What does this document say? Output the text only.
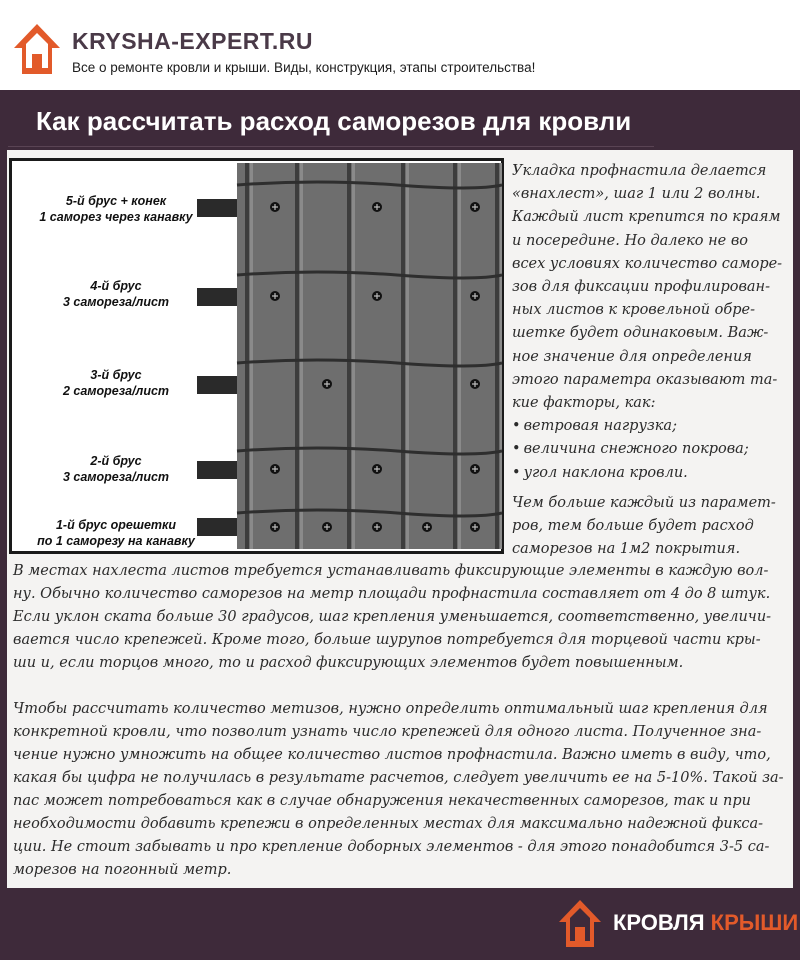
KRYSHA-EXPERT.RU
Все о ремонте кровли и крыши. Виды, конструкция, этапы строительства!
Как рассчитать расход саморезов для кровли
5-й брус + конек
1 саморез через канавку
4-й брус
3 самореза/лист
3-й брус
2 самореза/лист
2-й брус
3 самореза/лист
1-й брус орешетки
по 1 саморезу на канавку

Укладка профнастила делается
«внахлест», шаг 1 или 2 волны.
Каждый лист крепится по краям
и посередине. Но далеко не во
всех условиях количество самоpe-
зов для фиксации профилирован-
ных листов к кровельной обре-
шетке будет одинаковым. Важ-
ное значение для определения
этого параметра оказывают та-
кие факторы, как:

• ветровая нагрузка;
• величина снежного покрова;
• угол наклона кровли.

Чем больше каждый из парамет-
ров, тем больше будет расход
саморезов на 1м2 покрытия.

В местах нахлеста листов требуется устанавливать фиксирующие элементы в каждую вол-
ну. Обычно количество саморезов на метр площади профнастила составляет от 4 до 8 штук.
Если уклон ската больше 30 градусов, шаг крепления уменьшается, соответственно, увеличи-
вается число крепежей. Кроме того, больше шурупов потребуется для торцевой части кры-
ши и, если торцов много, то и расход фиксирующих элементов будет повышенным.

Чтобы рассчитать количество метизов, нужно определить оптимальный шаг крепления для
конкретной кровли, что позволит узнать число крепежей для одного листа. Полученное зна-
чение нужно умножить на общее количество листов профнастила. Важно иметь в виду, что,
какая бы цифра не получилась в результате расчетов, следует увеличить ее на 5-10%. Такой за-
пас может потребоваться как в случае обнаружения некачественных саморезов, так и при
необходимости добавить крепежи в определенных местах для максимально надежной фикса-
ции. Не стоит забывать и про крепление доборных элементов - для этого понадобится 3-5 са-
морезов на погонный метр.

КРОВЛЯ КРЫШИ
